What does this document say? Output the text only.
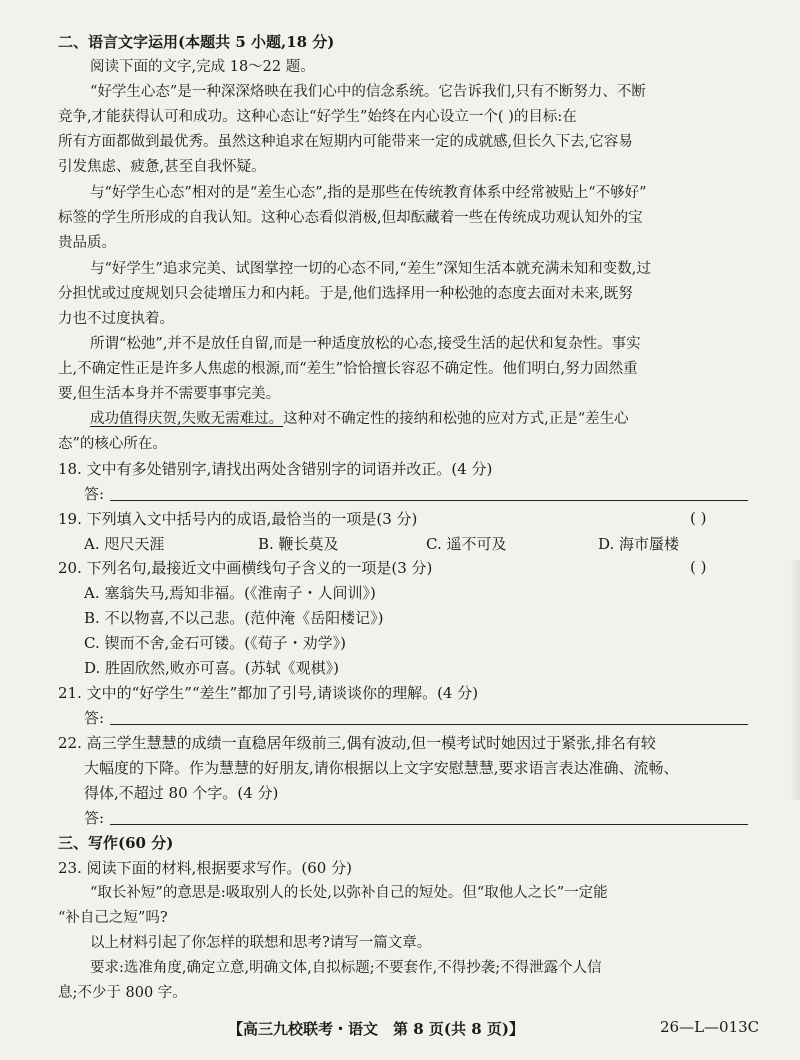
二、语言文字运用(本题共 5 小题,18 分)
阅读下面的文字,完成 18～22 题。
“好学生心态”是一种深深烙映在我们心中的信念系统。它告诉我们,只有不断努力、不断
竞争,才能获得认可和成功。这种心态让“好学生”始终在内心设立一个( )的目标:在
所有方面都做到最优秀。虽然这种追求在短期内可能带来一定的成就感,但长久下去,它容易
引发焦虑、疲惫,甚至自我怀疑。
与“好学生心态”相对的是“差生心态”,指的是那些在传统教育体系中经常被贴上“不够好”
标签的学生所形成的自我认知。这种心态看似消极,但却酝藏着一些在传统成功观认知外的宝
贵品质。
与“好学生”追求完美、试图掌控一切的心态不同,“差生”深知生活本就充满未知和变数,过
分担忧或过度规划只会徒增压力和内耗。于是,他们选择用一种松弛的态度去面对未来,既努
力也不过度执着。
所谓“松弛”,并不是放任自留,而是一种适度放松的心态,接受生活的起伏和复杂性。事实
上,不确定性正是许多人焦虑的根源,而“差生”恰恰擅长容忍不确定性。他们明白,努力固然重
要,但生活本身并不需要事事完美。
成功值得庆贺,失败无需难过。这种对不确定性的接纳和松弛的应对方式,正是“差生心
态”的核心所在。
18. 文中有多处错别字,请找出两处含错别字的词语并改正。(4 分)
答:
19. 下列填入文中括号内的成语,最恰当的一项是(3 分)	( )
A. 咫尺天涯	B. 鞭长莫及	C. 遥不可及	D. 海市蜃楼
20. 下列名句,最接近文中画横线句子含义的一项是(3 分)	( )
A. 塞翁失马,焉知非福。(《淮南子・人间训》)
B. 不以物喜,不以己悲。(范仲淹《岳阳楼记》)
C. 锲而不舍,金石可镂。(《荀子・劝学》)
D. 胜固欣然,败亦可喜。(苏轼《观棋》)
21. 文中的“好学生”“差生”都加了引号,请谈谈你的理解。(4 分)
答:
22. 高三学生慧慧的成绩一直稳居年级前三,偶有波动,但一模考试时她因过于紧张,排名有较
大幅度的下降。作为慧慧的好朋友,请你根据以上文字安慰慧慧,要求语言表达准确、流畅、
得体,不超过 80 个字。(4 分)
答:
三、写作(60 分)
23. 阅读下面的材料,根据要求写作。(60 分)
“取长补短”的意思是:吸取别人的长处,以弥补自己的短处。但“取他人之长”一定能
“补自己之短”吗?
以上材料引起了你怎样的联想和思考?请写一篇文章。
要求:选准角度,确定立意,明确文体,自拟标题;不要套作,不得抄袭;不得泄露个人信
息;不少于 800 字。
【高三九校联考・语文　第 8 页(共 8 页)】	26—L—013C
